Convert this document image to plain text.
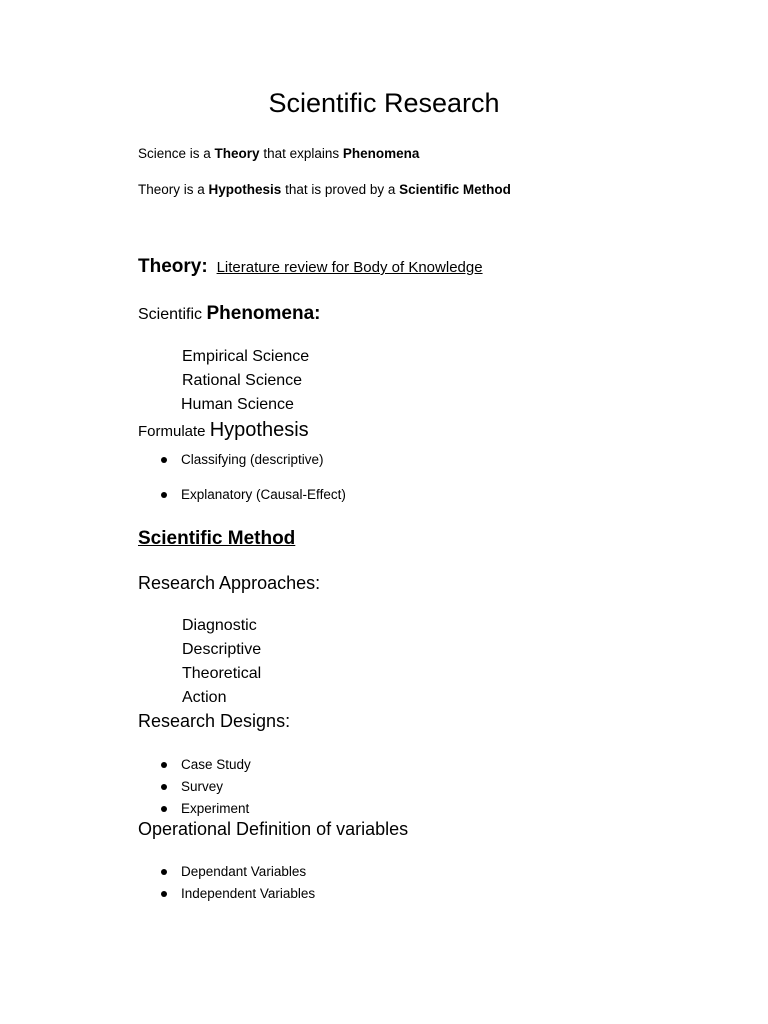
Scientific Research
Science is a Theory that explains Phenomena
Theory is a Hypothesis that is proved by a Scientific Method
Theory: Literature review for Body of Knowledge
Scientific Phenomena:
Empirical Science
Rational Science
Human Science
Formulate Hypothesis
Classifying (descriptive)
Explanatory (Causal-Effect)
Scientific Method
Research Approaches:
Diagnostic
Descriptive
Theoretical
Action
Research Designs:
Case Study
Survey
Experiment
Operational Definition of variables
Dependant Variables
Independent Variables
